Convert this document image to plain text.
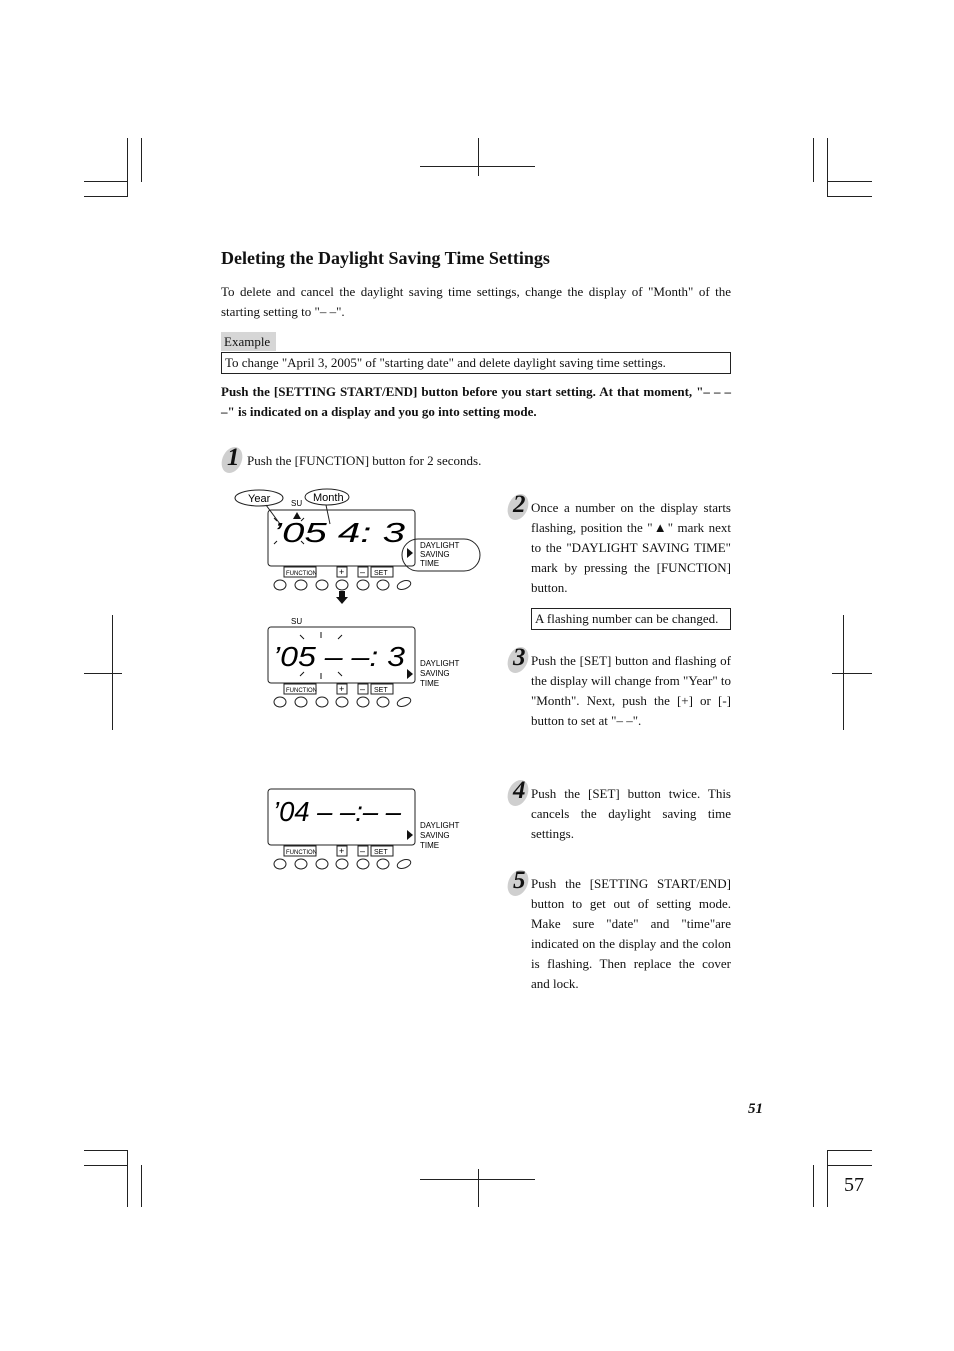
Deleting the Daylight Saving Time Settings
To delete and cancel the daylight saving time settings, change the display of "Month" of the starting setting to "– –".
Example
To change "April 3, 2005" of "starting date" and delete daylight saving time settings.
Push the [SETTING START/END] button before you start setting. At that moment, "– – – –" is indicated on a display and you go into setting mode.
1 Push the [FUNCTION] button for 2 seconds.
2 Once a number on the display starts flashing, position the "▲" mark next to the "DAYLIGHT SAVING TIME" mark by pressing the [FUNCTION] button.
A flashing number can be changed.
3 Push the [SET] button and flashing of the display will change from "Year" to "Month". Next, push the [+] or [-] button to set at "– –".
4 Push the [SET] button twice. This cancels the daylight saving time settings.
5 Push the [SETTING START/END] button to get out of setting mode. Make sure "date" and "time"are indicated on the display and the colon is flashing. Then replace the cover and lock.
Year	Month
SU
’05 4: 3 DAYLIGHT
SAVING
TIME
FUNCTION + – SET
SU
’05 – –: 3 DAYLIGHT
SAVING
TIME
FUNCTION + – SET
’04 – –:– – DAYLIGHT
SAVING
TIME
FUNCTION + – SET
51
57
